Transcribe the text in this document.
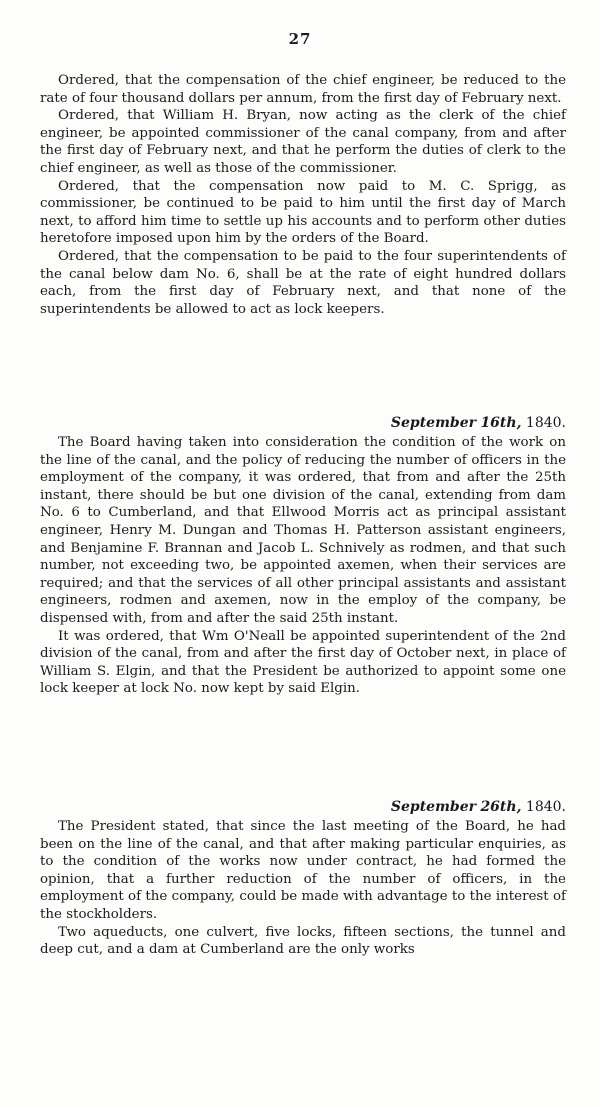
27

Ordered, that the compensation of the chief engineer, be reduced to the rate of four thousand dollars per annum, from the first day of February next.

Ordered, that William H. Bryan, now acting as the clerk of the chief engineer, be appointed commissioner of the canal company, from and after the first day of February next, and that he perform the duties of clerk to the chief engineer, as well as those of the commissioner.

Ordered, that the compensation now paid to M. C. Sprigg, as commissioner, be continued to be paid to him until the first day of March next, to afford him time to settle up his accounts and to perform other duties heretofore imposed upon him by the orders of the Board.

Ordered, that the compensation to be paid to the four superintendents of the canal below dam No. 6, shall be at the rate of eight hundred dollars each, from the first day of February next, and that none of the superintendents be allowed to act as lock keepers.

September 16th, 1840.

The Board having taken into consideration the condition of the work on the line of the canal, and the policy of reducing the number of officers in the employment of the company, it was ordered, that from and after the 25th instant, there should be but one division of the canal, extending from dam No. 6 to Cumberland, and that Ellwood Morris act as principal assistant engineer, Henry M. Dungan and Thomas H. Patterson assistant engineers, and Benjamine F. Brannan and Jacob L. Schnively as rodmen, and that such number, not exceeding two, be appointed axemen, when their services are required; and that the services of all other principal assistants and assistant engineers, rodmen and axemen, now in the employ of the company, be dispensed with, from and after the said 25th instant.

It was ordered, that Wm O'Neall be appointed superintendent of the 2nd division of the canal, from and after the first day of October next, in place of William S. Elgin, and that the President be authorized to appoint some one lock keeper at lock No. now kept by said Elgin.

September 26th, 1840.

The President stated, that since the last meeting of the Board, he had been on the line of the canal, and that after making particular enquiries, as to the condition of the works now under contract, he had formed the opinion, that a further reduction of the number of officers, in the employment of the company, could be made with advantage to the interest of the stockholders.

Two aqueducts, one culvert, five locks, fifteen sections, the tunnel and deep cut, and a dam at Cumberland are the only works
